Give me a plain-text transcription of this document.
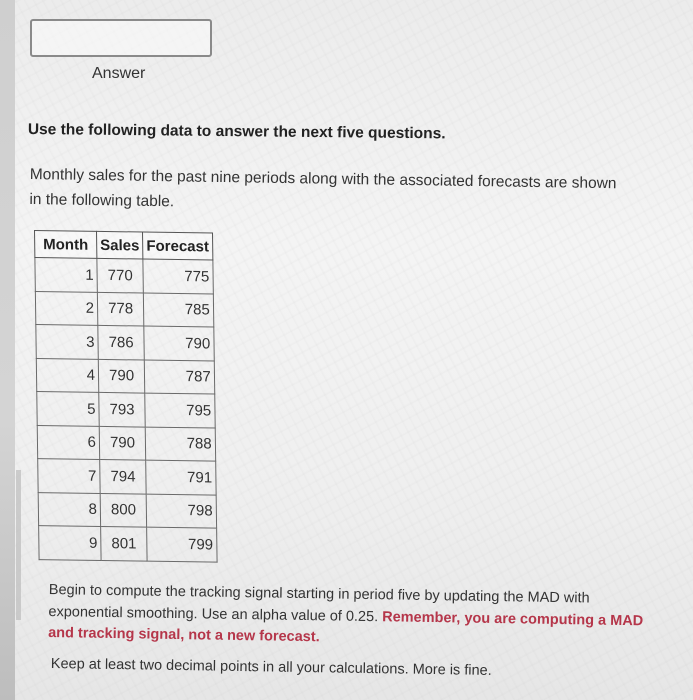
Answer
Use the following data to answer the next five questions.
Monthly sales for the past nine periods along with the associated forecasts are shown in the following table.
Month	Sales	Forecast
1	770	775
2	778	785
3	786	790
4	790	787
5	793	795
6	790	788
7	794	791
8	800	798
9	801	799
Begin to compute the tracking signal starting in period five by updating the MAD with exponential smoothing. Use an alpha value of 0.25. Remember, you are computing a MAD and tracking signal, not a new forecast.
Keep at least two decimal points in all your calculations. More is fine.
